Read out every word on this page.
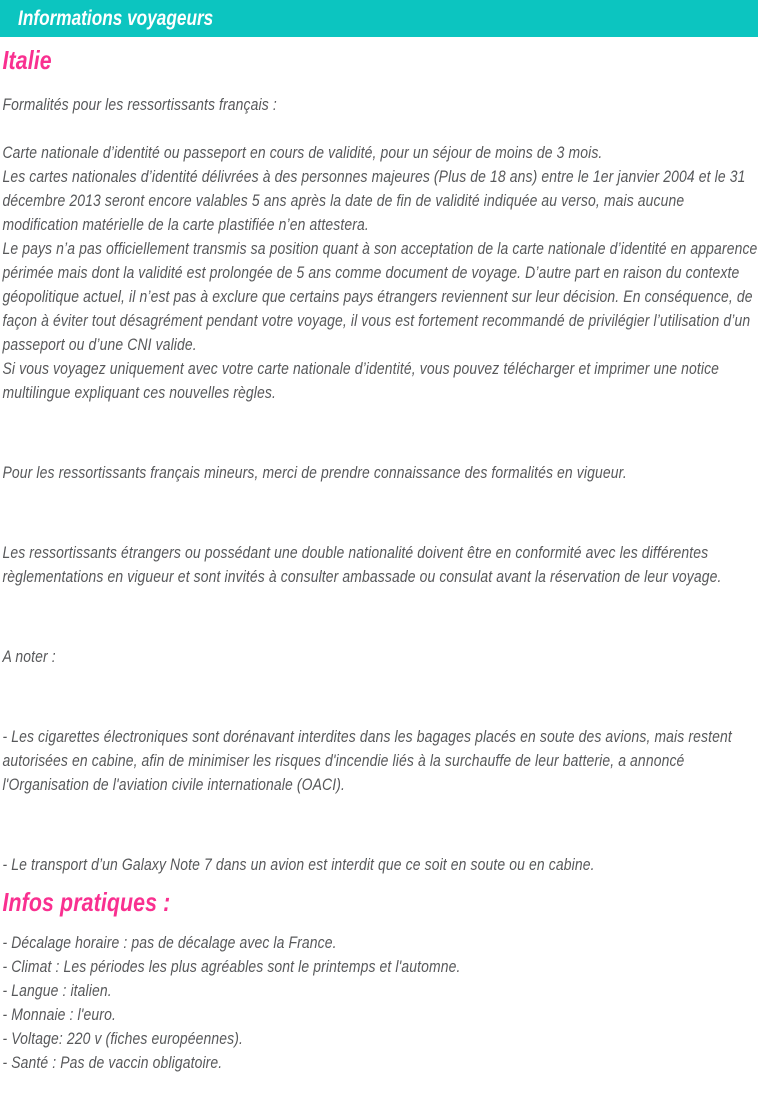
Informations voyageurs
Italie

Formalités pour les ressortissants français :

Carte nationale d’identité ou passeport en cours de validité, pour un séjour de moins de 3 mois.

Les cartes nationales d’identité délivrées à des personnes majeures (Plus de 18 ans) entre le 1er janvier 2004 et le 31 décembre 2013 seront encore valables 5 ans après la date de fin de validité indiquée au verso, mais aucune modification matérielle de la carte plastifiée n’en attestera.

Le pays n’a pas officiellement transmis sa position quant à son acceptation de la carte nationale d’identité en apparence périmée mais dont la validité est prolongée de 5 ans comme document de voyage. D’autre part en raison du contexte géopolitique actuel, il n’est pas à exclure que certains pays étrangers reviennent sur leur décision. En conséquence, de façon à éviter tout désagrément pendant votre voyage, il vous est fortement recommandé de privilégier l’utilisation d’un passeport ou d’une CNI valide.

Si vous voyagez uniquement avec votre carte nationale d’identité, vous pouvez télécharger et imprimer une notice multilingue expliquant ces nouvelles règles.

Pour les ressortissants français mineurs, merci de prendre connaissance des formalités en vigueur.

Les ressortissants étrangers ou possédant une double nationalité doivent être en conformité avec les différentes règlementations en vigueur et sont invités à consulter ambassade ou consulat avant la réservation de leur voyage.

A noter :

- Les cigarettes électroniques sont dorénavant interdites dans les bagages placés en soute des avions, mais restent autorisées en cabine, afin de minimiser les risques d'incendie liés à la surchauffe de leur batterie, a annoncé l'Organisation de l'aviation civile internationale (OACI).

- Le transport d’un Galaxy Note 7 dans un avion est interdit que ce soit en soute ou en cabine.

Infos pratiques :

- Décalage horaire : pas de décalage avec la France.

- Climat : Les périodes les plus agréables sont le printemps et l'automne.

- Langue : italien.

- Monnaie : l'euro.

- Voltage: 220 v (fiches européennes).

- Santé : Pas de vaccin obligatoire.
